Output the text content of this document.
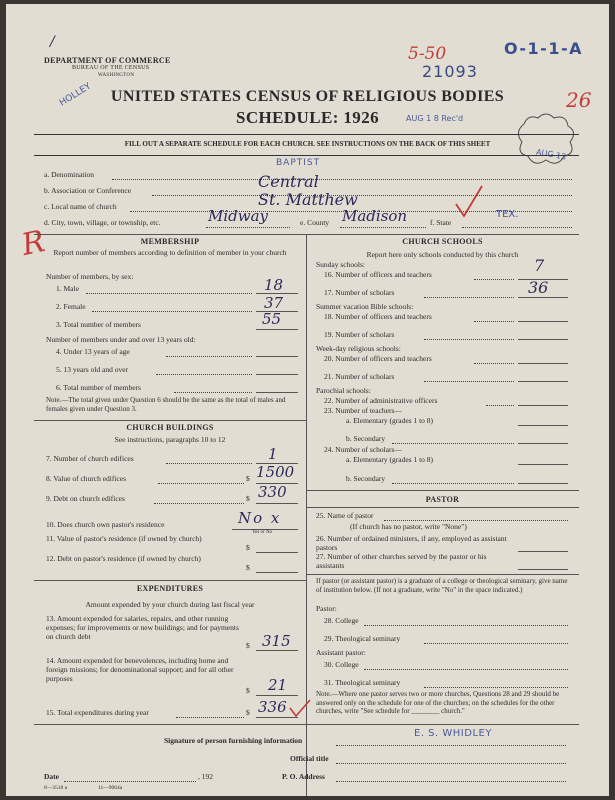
/
DEPARTMENT OF COMMERCE
BUREAU OF THE CENSUS
WASHINGTON
HOLLEY
5-50
21093
O-1-1-A
26
UNITED STATES CENSUS OF RELIGIOUS BODIES
SCHEDULE: 1926	AUG 1 8 Rec'd
AUG 13
FILL OUT A SEPARATE SCHEDULE FOR EACH CHURCH. SEE INSTRUCTIONS ON THE BACK OF THIS SHEET
a. Denomination
BAPTIST
b. Association or Conference	Central
c. Local name of church	St. Matthew
d. City, town, village, or township, etc.	Midway	e. County Madison	f. State
TEX.
R	MEMBERSHIP
Report number of members according to definition of member in your church
Number of members, by sex:
1. Male	18
2. Female	37
3. Total number of members	55
Number of members under and over 13 years old:
4. Under 13 years of age
5. 13 years old and over
6. Total number of members
Note.—The total given under Question 6 should be the same as the total of males and females given under Question 3.
CHURCH BUILDINGS
See instructions, paragraphs 10 to 12
7. Number of church edifices	1
8. Value of church edifices	$ 1500
9. Debt on church edifices	$ 330
10. Does church own pastor's residence	No x
Yes or No
11. Value of pastor's residence (if owned by church)
$
12. Debt on pastor's residence (if owned by church)
$
EXPENDITURES
Amount expended by your church during last fiscal year
13. Amount expended for salaries, repairs, and other running expenses; for improvements or new buildings; and for payments on church debt
$ 315
14. Amount expended for benevolences, including home and foreign missions; for denominational support; and for all other purposes
$ 21
15. Total expenditures during year	$ 336
CHURCH SCHOOLS
Report here only schools conducted by this church
Sunday schools:
16. Number of officers and teachers	7
17. Number of scholars	36
Summer vacation Bible schools:
18. Number of officers and teachers
19. Number of scholars
Week-day religious schools:
20. Number of officers and teachers
21. Number of scholars
Parochial schools:
22. Number of administrative officers
23. Number of teachers—
a. Elementary (grades 1 to 8)
b. Secondary
24. Number of scholars—
a. Elementary (grades 1 to 8)
b. Secondary
PASTOR
25. Name of pastor
(If church has no pastor, write "None")
26. Number of ordained ministers, if any, employed as assistant pastors
27. Number of other churches served by the pastor or his assistants
If pastor (or assistant pastor) is a graduate of a college or theological seminary, give name of institution below. (If not a graduate, write "No" in the space indicated.)
Pastor:
28. College
29. Theological seminary
Assistant pastor:
30. College
31. Theological seminary
Note.—Where one pastor serves two or more churches, Questions 28 and 29 should be answered only on the schedule for one of the churches; on the schedules for the other churches, write "See schedule for ________ church."
Signature of person furnishing information
E. S. WHIDLEY
Official title
Date	, 192	P. O. Address
8—3518 a	11—9064a
